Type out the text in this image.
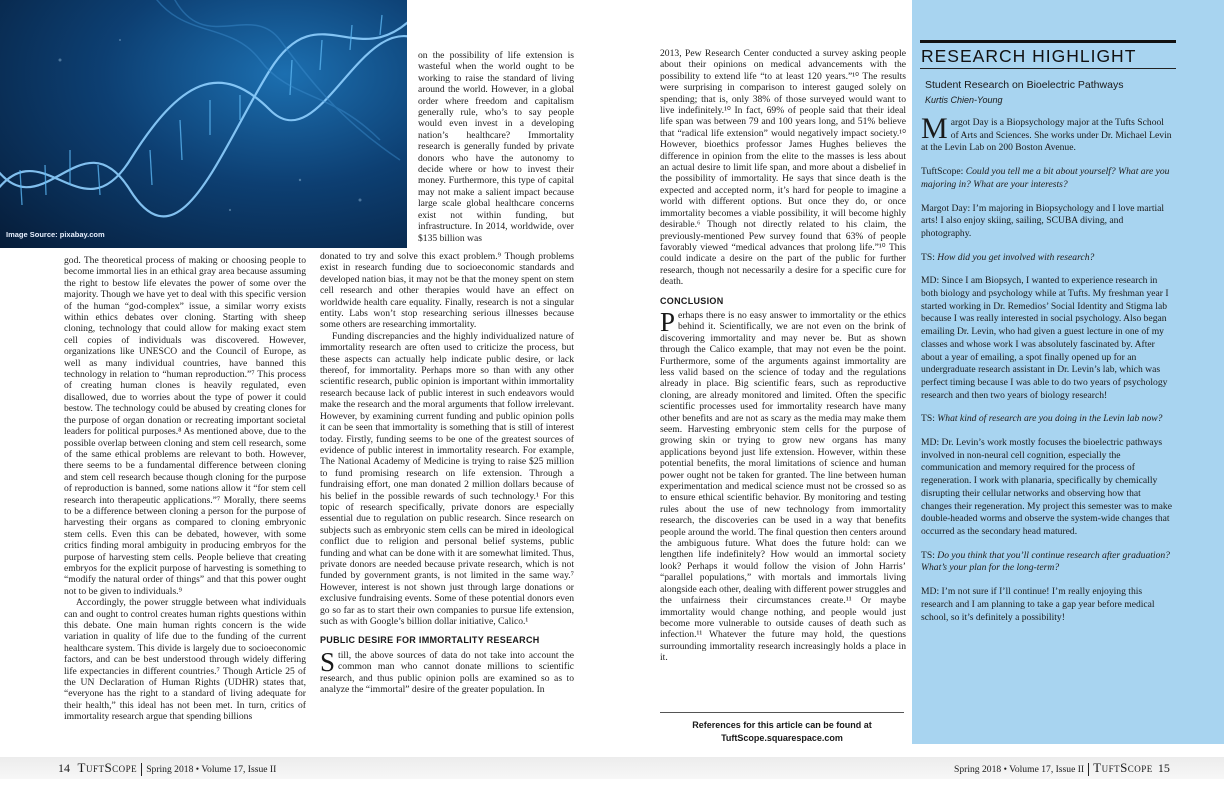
Image Source: pixabay.com

on the possibility of life extension is wasteful when the world ought to be working to raise the standard of living around the world. However, in a global order where freedom and capitalism generally rule, who’s to say people would even invest in a developing nation’s healthcare? Immortality research is generally funded by private donors who have the autonomy to decide where or how to invest their money. Furthermore, this type of capital may not make a salient impact because large scale global healthcare concerns exist not within funding, but infrastructure. In 2014, worldwide, over $135 billion was

god. The theoretical process of making or choosing people to become immortal lies in an ethical gray area because assuming the right to bestow life elevates the power of some over the majority. Though we have yet to deal with this specific version of the human “god-complex” issue, a similar worry exists within ethics debates over cloning. Starting with sheep cloning, technology that could allow for making exact stem cell copies of individuals was discovered. However, organizations like UNESCO and the Council of Europe, as well as many individual countries, have banned this technology in relation to “human reproduction.”⁷ This process of creating human clones is heavily regulated, even disallowed, due to worries about the type of power it could bestow. The technology could be abused by creating clones for the purpose of organ donation or recreating important societal leaders for political purposes.⁸ As mentioned above, due to the possible overlap between cloning and stem cell research, some of the same ethical problems are relevant to both. However, there seems to be a fundamental difference between cloning and stem cell research because though cloning for the purpose of reproduction is banned, some nations allow it “for stem cell research into therapeutic applications.”⁷ Morally, there seems to be a difference between cloning a person for the purpose of harvesting their organs as compared to cloning embryonic stem cells. Even this can be debated, however, with some critics finding moral ambiguity in producing embryos for the purpose of harvesting stem cells. People believe that creating embryos for the explicit purpose of harvesting is something to “modify the natural order of things” and that this power ought not to be given to individuals.⁹

Accordingly, the power struggle between what individuals can and ought to control creates human rights questions within this debate. One main human rights concern is the wide variation in quality of life due to the funding of the current healthcare system. This divide is largely due to socioeconomic factors, and can be best understood through widely differing life expectancies in different countries.⁷ Though Article 25 of the UN Declaration of Human Rights (UDHR) states that, “everyone has the right to a standard of living adequate for their health,” this ideal has not been met. In turn, critics of immortality research argue that spending billions

donated to try and solve this exact problem.⁹ Though problems exist in research funding due to socioeconomic standards and developed nation bias, it may not be that the money spent on stem cell research and other therapies would have an effect on worldwide health care equality. Finally, research is not a singular entity. Labs won’t stop researching serious illnesses because some others are researching immortality.

Funding discrepancies and the highly individualized nature of immortality research are often used to criticize the process, but these aspects can actually help indicate public desire, or lack thereof, for immortality. Perhaps more so than with any other scientific research, public opinion is important within immortality research because lack of public interest in such endeavors would make the research and the moral arguments that follow irrelevant. However, by examining current funding and public opinion polls it can be seen that immortality is something that is still of interest today. Firstly, funding seems to be one of the greatest sources of evidence of public interest in immortality research. For example, The National Academy of Medicine is trying to raise $25 million to fund promising research on life extension. Through a fundraising effort, one man donated 2 million dollars because of his belief in the possible rewards of such technology.¹ For this topic of research specifically, private donors are especially essential due to regulation on public research. Since research on subjects such as embryonic stem cells can be mired in ideological conflict due to religion and personal belief systems, public funding and what can be done with it are somewhat limited. Thus, private donors are needed because private research, which is not funded by government grants, is not limited in the same way.⁷ However, interest is not shown just through large donations or exclusive fundraising events. Some of these potential donors even go so far as to start their own companies to pursue life extension, such as with Google’s billion dollar initiative, Calico.¹

PUBLIC DESIRE FOR IMMORTALITY RESEARCH

Still, the above sources of data do not take into account the common man who cannot donate millions to scientific research, and thus public opinion polls are examined so as to analyze the “immortal” desire of the greater population. In

14 TuftScope Spring 2018 • Volume 17, Issue II

2013, Pew Research Center conducted a survey asking people about their opinions on medical advancements with the possibility to extend life “to at least 120 years.”¹⁰ The results were surprising in comparison to interest gauged solely on spending; that is, only 38% of those surveyed would want to live indefinitely.¹⁰ In fact, 69% of people said that their ideal life span was between 79 and 100 years long, and 51% believe that “radical life extension” would negatively impact society.¹⁰ However, bioethics professor James Hughes believes the difference in opinion from the elite to the masses is less about an actual desire to limit life span, and more about a disbelief in the possibility of immortality. He says that since death is the expected and accepted norm, it’s hard for people to imagine a world with different options. But once they do, or once immortality becomes a viable possibility, it will become highly desirable.⁶ Though not directly related to his claim, the previously-mentioned Pew survey found that 63% of people favorably viewed “medical advances that prolong life.”¹⁰ This could indicate a desire on the part of the public for further research, though not necessarily a desire for a specific cure for death.

CONCLUSION

Perhaps there is no easy answer to immortality or the ethics behind it. Scientifically, we are not even on the brink of discovering immortality and may never be. But as shown through the Calico example, that may not even be the point. Furthermore, some of the arguments against immortality are less valid based on the science of today and the regulations already in place. Big scientific fears, such as reproductive cloning, are already monitored and limited. Often the specific scientific processes used for immortality research have many other benefits and are not as scary as the media may make them seem. Harvesting embryonic stem cells for the purpose of growing skin or trying to grow new organs has many applications beyond just life extension. However, within these potential benefits, the moral limitations of science and human power ought not be taken for granted. The line between human experimentation and medical science must not be crossed so as to ensure ethical scientific behavior. By monitoring and testing rules about the use of new technology from immortality research, the discoveries can be used in a way that benefits people around the world. The final question then centers around the ambiguous future. What does the future hold: can we lengthen life indefinitely? How would an immortal society look? Perhaps it would follow the vision of John Harris’ “parallel populations,” with mortals and immortals living alongside each other, dealing with different power struggles and the unfairness their circumstances create.¹¹ Or maybe immortality would change nothing, and people would just become more vulnerable to outside causes of death such as infection.¹¹ Whatever the future may hold, the questions surrounding immortality research increasingly holds a place in it.

References for this article can be found at
TuftScope.squarespace.com
RESEARCH HIGHLIGHT
Student Research on Bioelectric Pathways
Kurtis Chien-Young

Margot Day is a Biopsychology major at the Tufts School of Arts and Sciences. She works under Dr. Michael Levin at the Levin Lab on 200 Boston Avenue.

TuftScope: Could you tell me a bit about yourself? What are you majoring in? What are your interests?

Margot Day: I’m majoring in Biopsychology and I love martial arts! I also enjoy skiing, sailing, SCUBA diving, and photography.

TS: How did you get involved with research?

MD: Since I am Biopsych, I wanted to experience research in both biology and psychology while at Tufts. My freshman year I started working in Dr. Remedios’ Social Identity and Stigma lab because I was really interested in social psychology. Also began emailing Dr. Levin, who had given a guest lecture in one of my classes and whose work I was absolutely fascinated by. After about a year of emailing, a spot finally opened up for an undergraduate research assistant in Dr. Levin’s lab, which was perfect timing because I was able to do two years of psychology research and then two years of biology research!

TS: What kind of research are you doing in the Levin lab now?

MD: Dr. Levin’s work mostly focuses the bioelectric pathways involved in non-neural cell cognition, especially the communication and memory required for the process of regeneration. I work with planaria, specifically by chemically disrupting their cellular networks and observing how that changes their regeneration. My project this semester was to make double-headed worms and observe the system-wide changes that occurred as the secondary head matured.

TS: Do you think that you’ll continue research after graduation? What’s your plan for the long-term?

MD: I’m not sure if I’ll continue! I’m really enjoying this research and I am planning to take a gap year before medical school, so it’s definitely a possibility!

Spring 2018 • Volume 17, Issue II TuftScope 15
